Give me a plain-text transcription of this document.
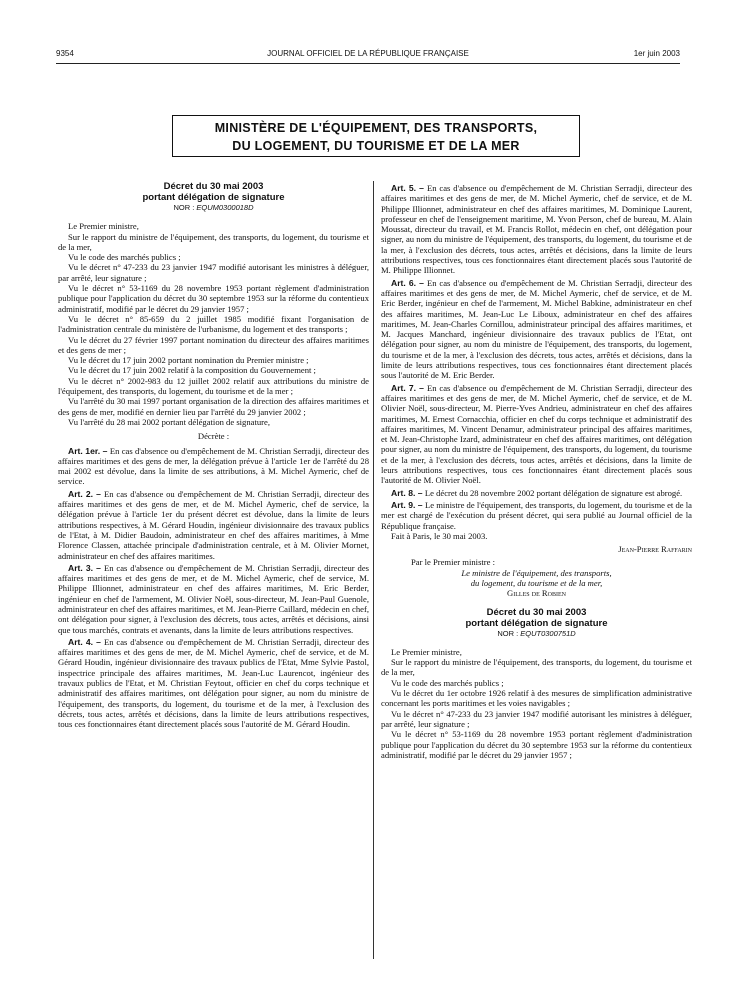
9354	JOURNAL OFFICIEL DE LA RÉPUBLIQUE FRANÇAISE	1er juin 2003
MINISTÈRE DE L'ÉQUIPEMENT, DES TRANSPORTS,
DU LOGEMENT, DU TOURISME ET DE LA MER

Décret du 30 mai 2003

portant délégation de signature

NOR : EQUM0300018D

Le Premier ministre,

Sur le rapport du ministre de l'équipement, des transports, du logement, du tourisme et de la mer,

Vu le code des marchés publics ;

Vu le décret n° 47-233 du 23 janvier 1947 modifié autorisant les ministres à déléguer, par arrêté, leur signature ;

Vu le décret n° 53-1169 du 28 novembre 1953 portant règlement d'administration publique pour l'application du décret du 30 septembre 1953 sur la réforme du contentieux administratif, modifié par le décret du 29 janvier 1957 ;

Vu le décret n° 85-659 du 2 juillet 1985 modifié fixant l'organisation de l'administration centrale du ministère de l'urbanisme, du logement et des transports ;

Vu le décret du 27 février 1997 portant nomination du directeur des affaires maritimes et des gens de mer ;

Vu le décret du 17 juin 2002 portant nomination du Premier ministre ;

Vu le décret du 17 juin 2002 relatif à la composition du Gouvernement ;

Vu le décret n° 2002-983 du 12 juillet 2002 relatif aux attributions du ministre de l'équipement, des transports, du logement, du tourisme et de la mer ;

Vu l'arrêté du 30 mai 1997 portant organisation de la direction des affaires maritimes et des gens de mer, modifié en dernier lieu par l'arrêté du 29 janvier 2002 ;

Vu l'arrêté du 28 mai 2002 portant délégation de signature,

Décrète :

Art. 1er. – En cas d'absence ou d'empêchement de M. Christian Serradji, directeur des affaires maritimes et des gens de mer, la délégation prévue à l'article 1er de l'arrêté du 28 mai 2002 est dévolue, dans la limite de ses attributions, à M. Michel Aymeric, chef de service.

Art. 2. – En cas d'absence ou d'empêchement de M. Christian Serradji, directeur des affaires maritimes et des gens de mer, et de M. Michel Aymeric, chef de service, la délégation prévue à l'article 1er du présent décret est dévolue, dans la limite de leurs attributions respectives, à M. Gérard Houdin, ingénieur divisionnaire des travaux publics de l'Etat, à M. Didier Baudoin, administrateur en chef des affaires maritimes, à Mme Florence Classen, attachée principale d'administration centrale, et à M. Olivier Mornet, administrateur en chef des affaires maritimes.

Art. 3. – En cas d'absence ou d'empêchement de M. Christian Serradji, directeur des affaires maritimes et des gens de mer, et de M. Michel Aymeric, chef de service, M. Philippe Illionnet, administrateur en chef des affaires maritimes, M. Eric Berder, ingénieur en chef de l'armement, M. Olivier Noël, sous-directeur, M. Jean-Paul Guenole, administrateur en chef des affaires maritimes, et M. Jean-Pierre Caillard, médecin en chef, ont délégation pour signer, à l'exclusion des décrets, tous actes, arrêtés et décisions, ainsi que tous marchés, contrats et avenants, dans la limite de leurs attributions respectives.

Art. 4. – En cas d'absence ou d'empêchement de M. Christian Serradji, directeur des affaires maritimes et des gens de mer, de M. Michel Aymeric, chef de service, et de M. Gérard Houdin, ingénieur divisionnaire des travaux publics de l'Etat, Mme Sylvie Pastol, inspectrice principale des affaires maritimes, M. Jean-Luc Laurencot, ingénieur des travaux publics de l'Etat, et M. Christian Feytout, officier en chef du corps technique et administratif des affaires maritimes, ont délégation pour signer, au nom du ministre de l'équipement, des transports, du logement, du tourisme et de la mer, à l'exclusion des décrets, tous actes, arrêtés et décisions, dans la limite de leurs attributions respectives, tous ces fonctionnaires étant directement placés sous l'autorité de M. Gérard Houdin.

Art. 5. – En cas d'absence ou d'empêchement de M. Christian Serradji, directeur des affaires maritimes et des gens de mer, de M. Michel Aymeric, chef de service, et de M. Philippe Illionnet, administrateur en chef des affaires maritimes, M. Dominique Laurent, professeur en chef de l'enseignement maritime, M. Yvon Person, chef de bureau, M. Alain Moussat, directeur du travail, et M. Francis Rollot, médecin en chef, ont délégation pour signer, au nom du ministre de l'équipement, des transports, du logement, du tourisme et de la mer, à l'exclusion des décrets, tous actes, arrêtés et décisions, dans la limite de leurs attributions respectives, tous ces fonctionnaires étant directement placés sous l'autorité de M. Philippe Illionnet.

Art. 6. – En cas d'absence ou d'empêchement de M. Christian Serradji, directeur des affaires maritimes et des gens de mer, de M. Michel Aymeric, chef de service, et de M. Eric Berder, ingénieur en chef de l'armement, M. Michel Babkine, administrateur en chef des affaires maritimes, M. Jean-Luc Le Liboux, administrateur en chef des affaires maritimes, M. Jean-Charles Cornillou, administrateur principal des affaires maritimes, et M. Jacques Manchard, ingénieur divisionnaire des travaux publics de l'Etat, ont délégation pour signer, au nom du ministre de l'équipement, des transports, du logement, du tourisme et de la mer, à l'exclusion des décrets, tous actes, arrêtés et décisions, dans la limite de leurs attributions respectives, tous ces fonctionnaires étant directement placés sous l'autorité de M. Eric Berder.

Art. 7. – En cas d'absence ou d'empêchement de M. Christian Serradji, directeur des affaires maritimes et des gens de mer, de M. Michel Aymeric, chef de service, et de M. Olivier Noël, sous-directeur, M. Pierre-Yves Andrieu, administrateur en chef des affaires maritimes, M. Ernest Cornacchia, officier en chef du corps technique et administratif des affaires maritimes, M. Vincent Denamur, administrateur principal des affaires maritimes, et M. Jean-Christophe Izard, administrateur en chef des affaires maritimes, ont délégation pour signer, au nom du ministre de l'équipement, des transports, du logement, du tourisme et de la mer, à l'exclusion des décrets, tous actes, arrêtés et décisions, dans la limite de leurs attributions respectives, tous ces fonctionnaires étant directement placés sous l'autorité de M. Olivier Noël.

Art. 8. – Le décret du 28 novembre 2002 portant délégation de signature est abrogé.

Art. 9. – Le ministre de l'équipement, des transports, du logement, du tourisme et de la mer est chargé de l'exécution du présent décret, qui sera publié au Journal officiel de la République française.

Fait à Paris, le 30 mai 2003.

Jean-Pierre Raffarin

Par le Premier ministre :

Le ministre de l'équipement, des transports,

du logement, du tourisme et de la mer,

Gilles de Robien

Décret du 30 mai 2003

portant délégation de signature

NOR : EQUT0300751D

Le Premier ministre,

Sur le rapport du ministre de l'équipement, des transports, du logement, du tourisme et de la mer,

Vu le code des marchés publics ;

Vu le décret du 1er octobre 1926 relatif à des mesures de simplification administrative concernant les ports maritimes et les voies navigables ;

Vu le décret n° 47-233 du 23 janvier 1947 modifié autorisant les ministres à déléguer, par arrêté, leur signature ;

Vu le décret n° 53-1169 du 28 novembre 1953 portant règlement d'administration publique pour l'application du décret du 30 septembre 1953 sur la réforme du contentieux administratif, modifié par le décret du 29 janvier 1957 ;
